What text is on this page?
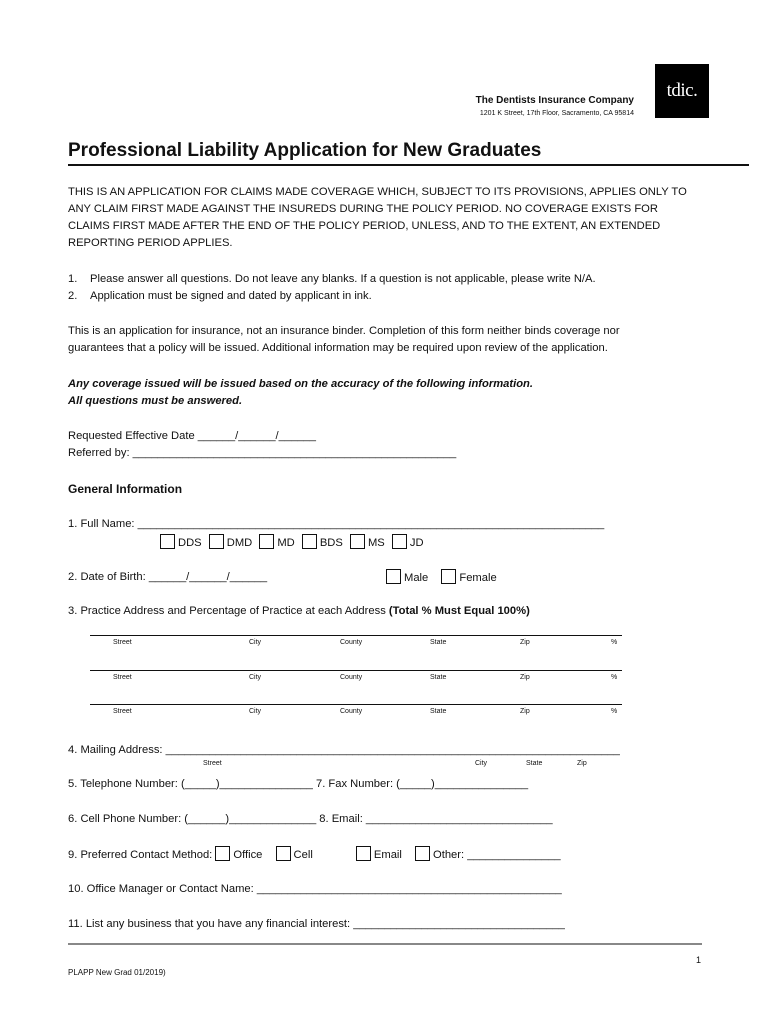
The Dentists Insurance Company
1201 K Street, 17th Floor, Sacramento, CA 95814
tdic.
Professional Liability Application for New Graduates
THIS IS AN APPLICATION FOR CLAIMS MADE COVERAGE WHICH, SUBJECT TO ITS PROVISIONS, APPLIES ONLY TO
ANY CLAIM FIRST MADE AGAINST THE INSUREDS DURING THE POLICY PERIOD. NO COVERAGE EXISTS FOR
CLAIMS FIRST MADE AFTER THE END OF THE POLICY PERIOD, UNLESS, AND TO THE EXTENT, AN EXTENDED
REPORTING PERIOD APPLIES.
1. Please answer all questions. Do not leave any blanks. If a question is not applicable, please write N/A.
2. Application must be signed and dated by applicant in ink.
This is an application for insurance, not an insurance binder. Completion of this form neither binds coverage nor
guarantees that a policy will be issued. Additional information may be required upon review of the application.
Any coverage issued will be issued based on the accuracy of the following information.
All questions must be answered.
Requested Effective Date ______/______/______
Referred by: ____________________________________________________
General Information
1. Full Name: ___________________________________________________________________________
DDS DMD MD BDS MS JD
2. Date of Birth: ______/______/______	Male	Female
3. Practice Address and Percentage of Practice at each Address (Total % Must Equal 100%)
Street	City	County	State	Zip	%
Street	City	County	State	Zip	%
Street	City	County	State	Zip	%
4. Mailing Address: _________________________________________________________________________
Street	City	State	Zip
5. Telephone Number: (_____)_______________ 7. Fax Number: (_____)_______________
6. Cell Phone Number: (______)______________ 8. Email: ______________________________
9. Preferred Contact Method: Office	Cell	Email	Other: _______________
10. Office Manager or Contact Name: _________________________________________________
11. List any business that you have any financial interest: __________________________________
1
PLAPP New Grad 01/2019)
